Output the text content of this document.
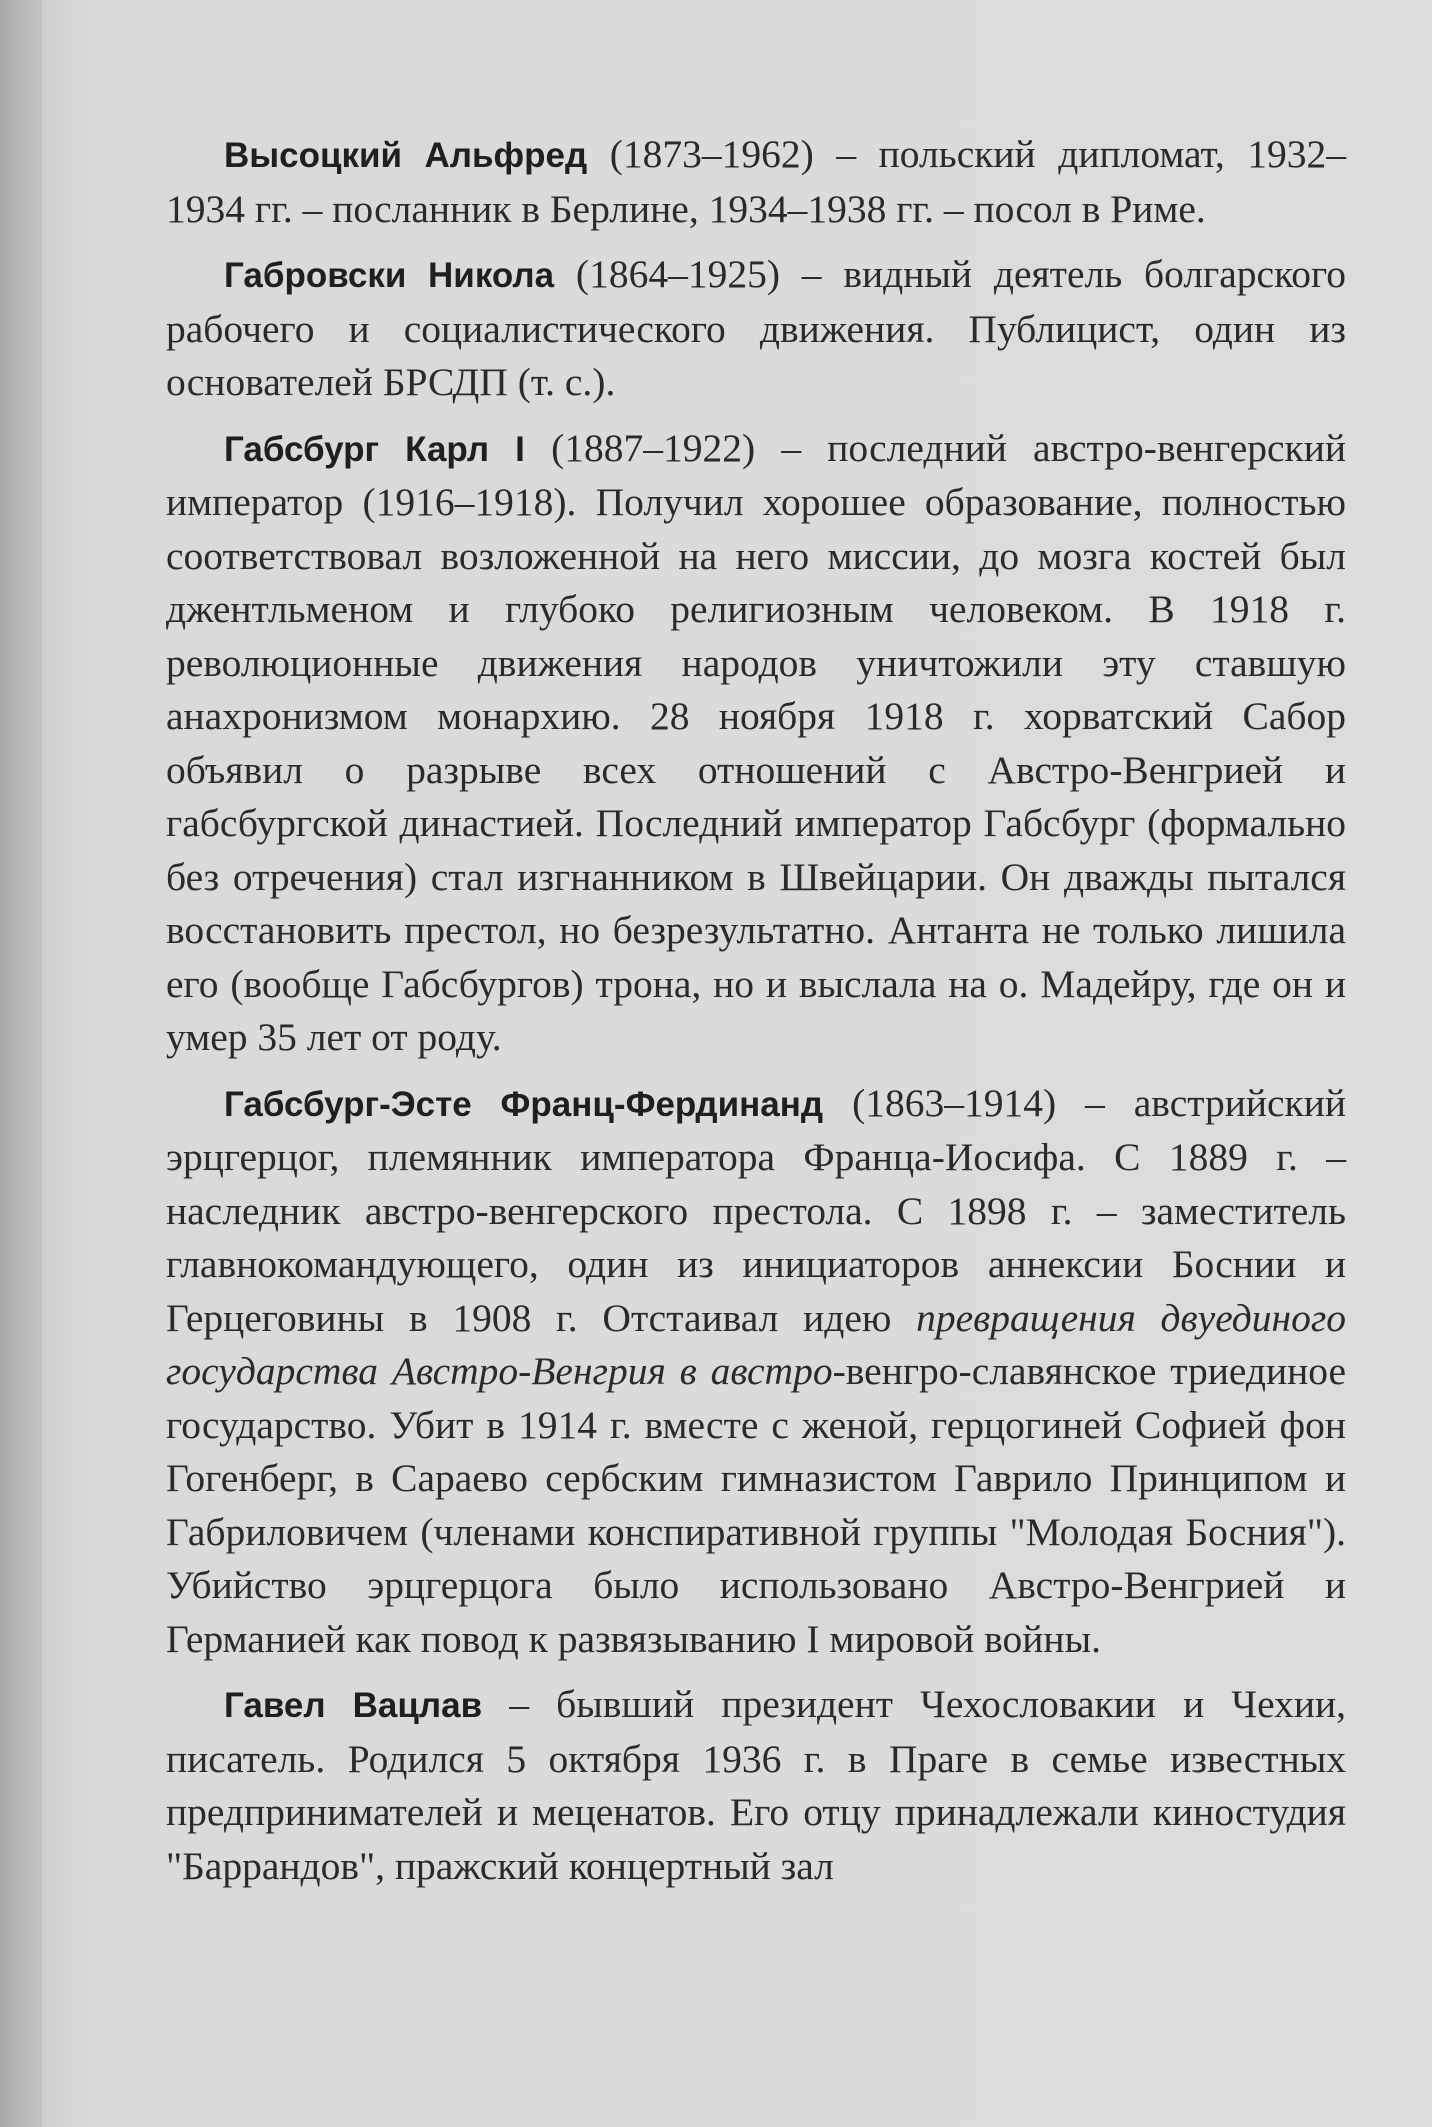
Высоцкий Альфред (1873–1962) – польский дипломат, 1932–1934 гг. – посланник в Берлине, 1934–1938 гг. – посол в Риме.

Габровски Никола (1864–1925) – видный деятель болгарского рабочего и социалистического движения. Публицист, один из основателей БРСДП (т. с.).

Габсбург Карл I (1887–1922) – последний австро-венгерский император (1916–1918). Получил хорошее образование, полностью соответствовал возложенной на него миссии, до мозга костей был джентльменом и глубоко религиозным человеком. В 1918 г. революционные движения народов уничтожили эту ставшую анахронизмом монархию. 28 ноября 1918 г. хорватский Сабор объявил о разрыве всех отношений с Австро-Венгрией и габсбургской династией. Последний император Габсбург (формально без отречения) стал изгнанником в Швейцарии. Он дважды пытался восстановить престол, но безрезультатно. Антанта не только лишила его (вообще Габсбургов) трона, но и выслала на о. Мадейру, где он и умер 35 лет от роду.

Габсбург-Эсте Франц-Фердинанд (1863–1914) – австрийский эрцгерцог, племянник императора Франца-Иосифа. С 1889 г. – наследник австро-венгерского престола. С 1898 г. – заместитель главнокомандующего, один из инициаторов аннексии Боснии и Герцеговины в 1908 г. Отстаивал идею превращения двуединого государства Австро-Венгрия в австро-венгро-славянское триединое государство. Убит в 1914 г. вместе с женой, герцогиней Софией фон Гогенберг, в Сараево сербским гимназистом Гаврило Принципом и Габриловичем (членами конспиративной группы "Молодая Босния"). Убийство эрцгерцога было использовано Австро-Венгрией и Германией как повод к развязыванию I мировой войны.

Гавел Вацлав – бывший президент Чехословакии и Чехии, писатель. Родился 5 октября 1936 г. в Праге в семье известных предпринимателей и меценатов. Его отцу принадлежали киностудия "Баррандов", пражский концертный зал
